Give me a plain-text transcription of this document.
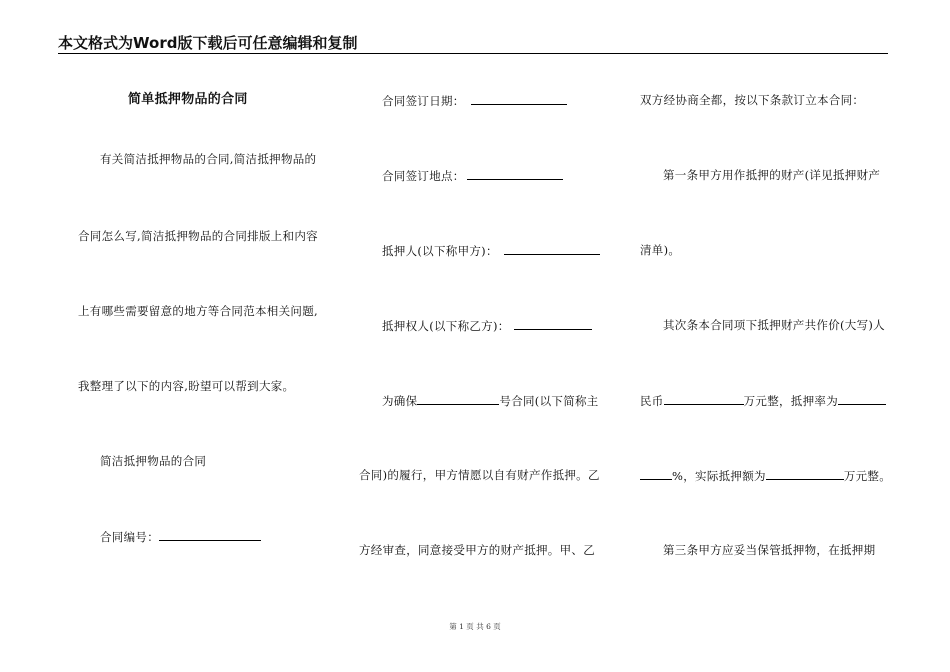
本文格式为Word版下载后可任意编辑和复制
简单抵押物品的合同
有关简洁抵押物品的合同,简洁抵押物品的
合同怎么写,简洁抵押物品的合同排版上和内容
上有哪些需要留意的地方等合同范本相关问题,
我整理了以下的内容,盼望可以帮到大家。
简洁抵押物品的合同
合同编号：
合同签订日期：
合同签订地点：
抵押人(以下称甲方)：
抵押权人(以下称乙方)：
为确保	号合同(以下简称主
合同)的履行，甲方情愿以自有财产作抵押。乙
方经审查，同意接受甲方的财产抵押。甲、乙
双方经协商全都，按以下条款订立本合同：
第一条甲方用作抵押的财产(详见抵押财产
清单)。
其次条本合同项下抵押财产共作价(大写)人
民币	万元整，抵押率为
%，实际抵押额为	万元整。
第三条甲方应妥当保管抵押物，在抵押期
第 1 页 共 6 页
